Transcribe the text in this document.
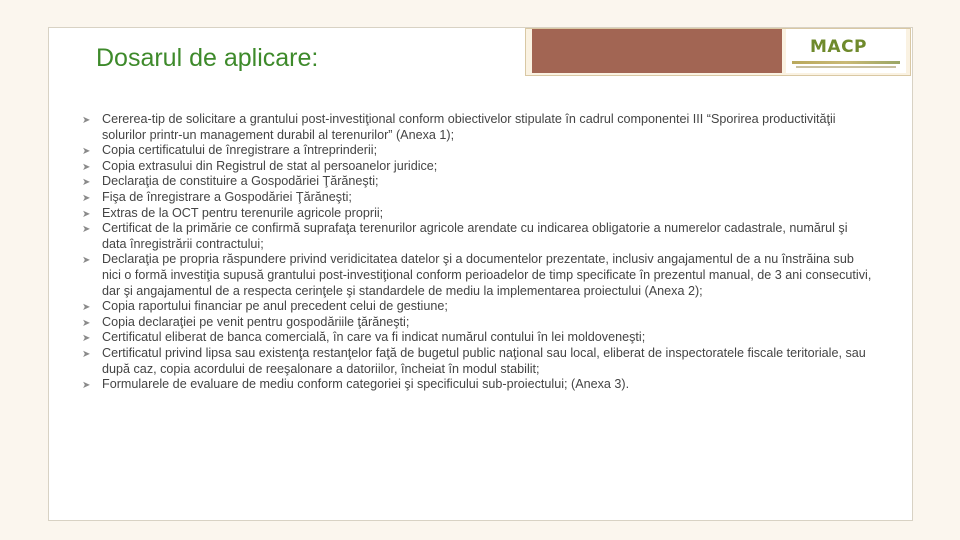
MACP
Dosarul de aplicare:
➤ Cererea-tip de solicitare a grantului post-investiţional conform obiectivelor stipulate în cadrul componentei III “Sporirea productivităţii solurilor printr-un management durabil al terenurilor” (Anexa 1);
➤ Copia certificatului de înregistrare a întreprinderii;
➤ Copia extrasului din Registrul de stat al persoanelor juridice;
➤ Declaraţia de constituire a Gospodăriei Ţărăneşti;
➤ Fişa de înregistrare a Gospodăriei Ţărăneşti;
➤ Extras de la OCT pentru terenurile agricole proprii;
➤ Certificat de la primărie ce confirmă suprafaţa terenurilor agricole arendate cu indicarea obligatorie a numerelor cadastrale, numărul şi data înregistrării contractului;
➤ Declaraţia pe propria răspundere privind veridicitatea datelor şi a documentelor prezentate, inclusiv angajamentul de a nu înstrăina sub nici o formă investiţia supusă grantului post-investiţional conform perioadelor de timp specificate în prezentul manual, de 3 ani consecutivi, dar şi angajamentul de a respecta cerinţele şi standardele de mediu la implementarea proiectului (Anexa 2);
➤ Copia raportului financiar pe anul precedent celui de gestiune;
➤ Copia declaraţiei pe venit pentru gospodăriile ţărăneşti;
➤ Certificatul eliberat de banca comercială, în care va fi indicat numărul contului în lei moldoveneşti;
➤ Certificatul privind lipsa sau existenţa restanţelor faţă de bugetul public naţional sau local, eliberat de inspectoratele fiscale teritoriale, sau după caz, copia acordului de reeşalonare a datoriilor, încheiat în modul stabilit;
➤ Formularele de evaluare de mediu conform categoriei şi specificului sub-proiectului; (Anexa 3).
